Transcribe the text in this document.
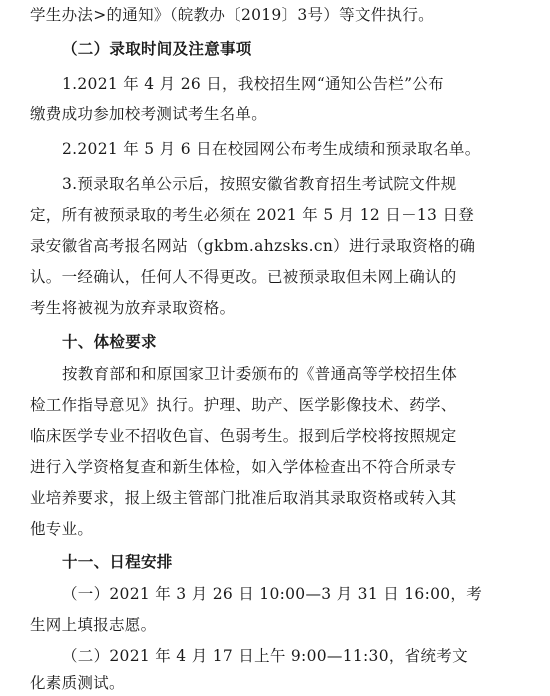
学生办法>的通知》（皖教办〔2019〕3号）等文件执行。
（二）录取时间及注意事项
1.2021 年 4 月 26 日，我校招生网“通知公告栏”公布
缴费成功参加校考测试考生名单。
2.2021 年 5 月 6 日在校园网公布考生成绩和预录取名单。
3.预录取名单公示后，按照安徽省教育招生考试院文件规
定，所有被预录取的考生必须在 2021 年 5 月 12 日－13 日登
录安徽省高考报名网站（gkbm.ahzsks.cn）进行录取资格的确
认。一经确认，任何人不得更改。已被预录取但未网上确认的
考生将被视为放弃录取资格。
十、体检要求
按教育部和和原国家卫计委颁布的《普通高等学校招生体
检工作指导意见》执行。护理、助产、医学影像技术、药学、
临床医学专业不招收色盲、色弱考生。报到后学校将按照规定
进行入学资格复查和新生体检，如入学体检查出不符合所录专
业培养要求，报上级主管部门批准后取消其录取资格或转入其
他专业。
十一、日程安排
（一）2021 年 3 月 26 日 10:00—3 月 31 日 16:00，考
生网上填报志愿。
（二）2021 年 4 月 17 日上午 9:00—11:30，省统考文
化素质测试。
